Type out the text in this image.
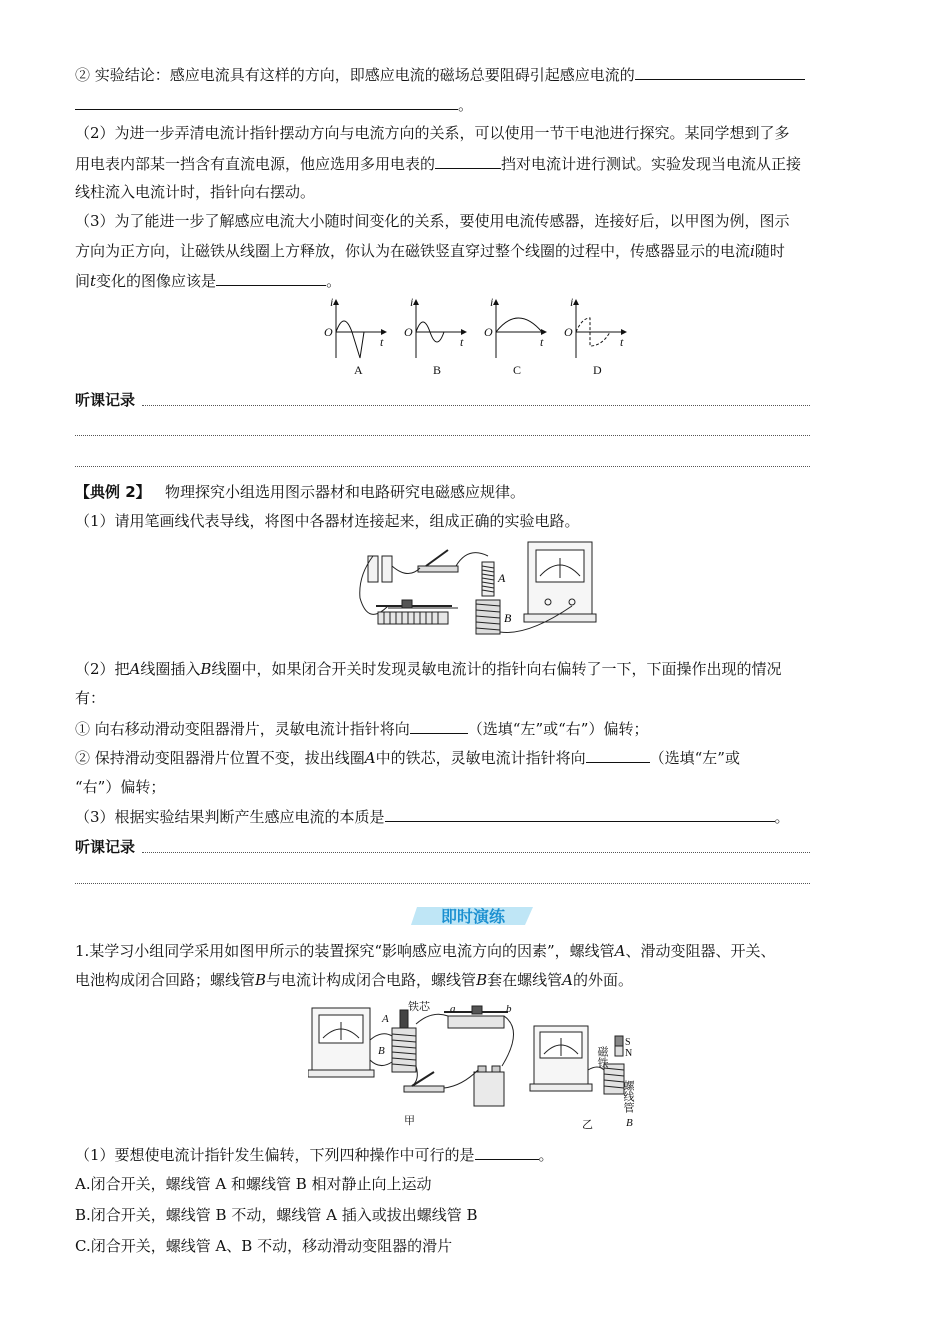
② 实验结论：感应电流具有这样的方向，即感应电流的磁场总要阻碍引起感应电流的
。
（2）为进一步弄清电流计指针摆动方向与电流方向的关系，可以使用一节干电池进行探究。某同学想到了多
用电表内部某一挡含有直流电源，他应选用多用电表的	挡对电流计进行测试。实验发现当电流从正接
线柱流入电流计时，指针向右摆动。
（3）为了能进一步了解感应电流大小随时间变化的关系，要使用电流传感器，连接好后，以甲图为例，图示
方向为正方向，让磁铁从线圈上方释放，你认为在磁铁竖直穿过整个线圈的过程中，传感器显示的电流i随时
间t变化的图像应该是	。
i
O
t
i
O
t
i
O
t
i
O
t
A	B	C	D
听课记录
【典例 2】 物理探究小组选用图示器材和电路研究电磁感应规律。
（1）请用笔画线代表导线，将图中各器材连接起来，组成正确的实验电路。
A
B
（2）把A线圈插入B线圈中，如果闭合开关时发现灵敏电流计的指针向右偏转了一下，下面操作出现的情况
有：
① 向右移动滑动变阻器滑片，灵敏电流计指针将向	（选填“左”或“右”）偏转；
② 保持滑动变阻器滑片位置不变，拔出线圈A中的铁芯，灵敏电流计指针将向	（选填“左”或
“右”）偏转；
（3）根据实验结果判断产生感应电流的本质是	。
听课记录
即时演练
1.某学习小组同学采用如图甲所示的装置探究“影响感应电流方向的因素”，螺线管A、滑动变阻器、开关、
电池构成闭合回路；螺线管B与电流计构成闭合电路，螺线管B套在螺线管A的外面。
铁芯
A
B
a	b
甲	乙
磁铁
S
N
螺线管
B
（1）要想使电流计指针发生偏转，下列四种操作中可行的是	。
A.闭合开关，螺线管 A 和螺线管 B 相对静止向上运动
B.闭合开关，螺线管 B 不动，螺线管 A 插入或拔出螺线管 B
C.闭合开关，螺线管 A、B 不动，移动滑动变阻器的滑片
